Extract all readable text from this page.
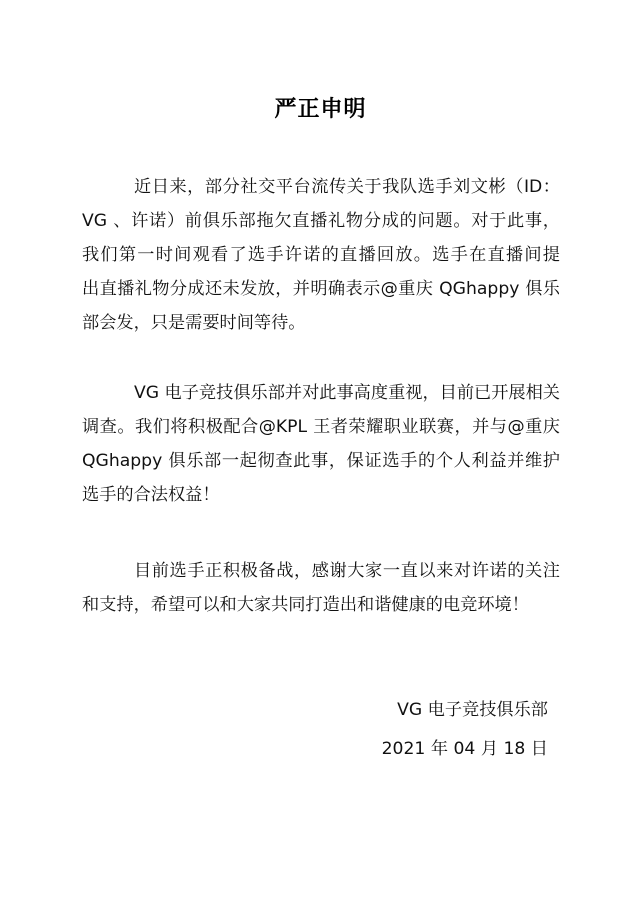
严正申明
近日来，部分社交平台流传关于我队选手刘文彬（ID：
VG 、许诺）前俱乐部拖欠直播礼物分成的问题。对于此事，
我们第一时间观看了选手许诺的直播回放。选手在直播间提
出直播礼物分成还未发放，并明确表示@重庆 QGhappy 俱乐
部会发，只是需要时间等待。
VG 电子竞技俱乐部并对此事高度重视，目前已开展相关
调查。我们将积极配合@KPL 王者荣耀职业联赛，并与@重庆
QGhappy 俱乐部一起彻查此事，保证选手的个人利益并维护
选手的合法权益！
目前选手正积极备战，感谢大家一直以来对许诺的关注
和支持，希望可以和大家共同打造出和谐健康的电竞环境！
VG 电子竞技俱乐部
2021 年 04 月 18 日
